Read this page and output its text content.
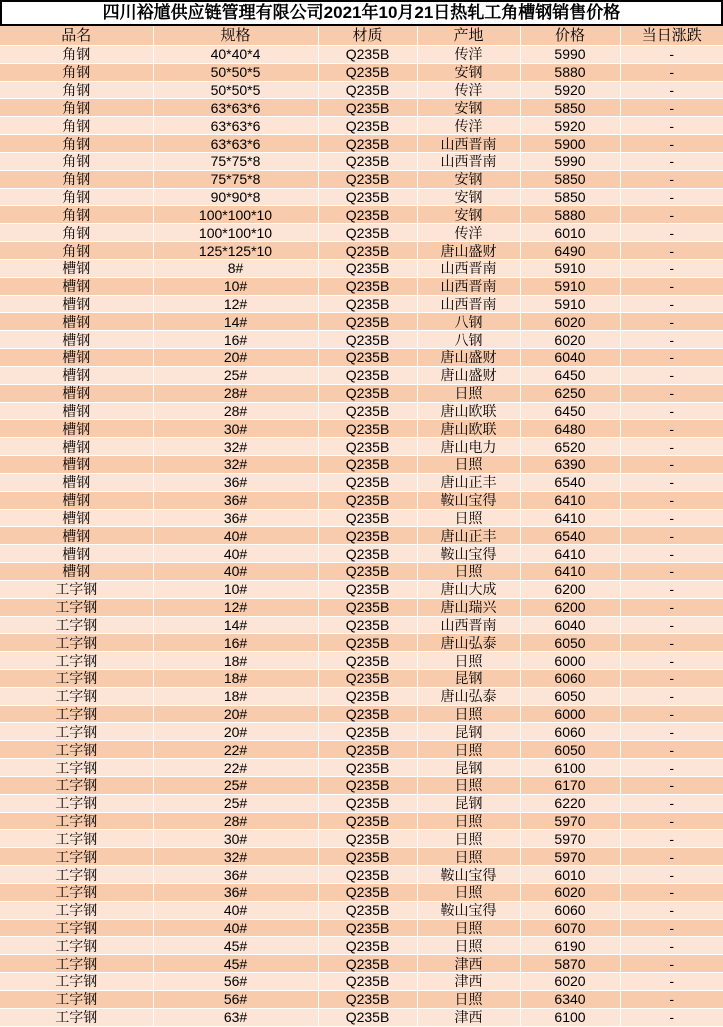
四川裕馗供应链管理有限公司2021年10月21日热轧工角槽钢销售价格
品名	规格	材质	产地	价格	当日涨跌
角钢	40*40*4	Q235B	传洋	5990	-
角钢	50*50*5	Q235B	安钢	5880	-
角钢	50*50*5	Q235B	传洋	5920	-
角钢	63*63*6	Q235B	安钢	5850	-
角钢	63*63*6	Q235B	传洋	5920	-
角钢	63*63*6	Q235B	山西晋南	5900	-
角钢	75*75*8	Q235B	山西晋南	5990	-
角钢	75*75*8	Q235B	安钢	5850	-
角钢	90*90*8	Q235B	安钢	5850	-
角钢	100*100*10	Q235B	安钢	5880	-
角钢	100*100*10	Q235B	传洋	6010	-
角钢	125*125*10	Q235B	唐山盛财	6490	-
槽钢	8#	Q235B	山西晋南	5910	-
槽钢	10#	Q235B	山西晋南	5910	-
槽钢	12#	Q235B	山西晋南	5910	-
槽钢	14#	Q235B	八钢	6020	-
槽钢	16#	Q235B	八钢	6020	-
槽钢	20#	Q235B	唐山盛财	6040	-
槽钢	25#	Q235B	唐山盛财	6450	-
槽钢	28#	Q235B	日照	6250	-
槽钢	28#	Q235B	唐山欧联	6450	-
槽钢	30#	Q235B	唐山欧联	6480	-
槽钢	32#	Q235B	唐山电力	6520	-
槽钢	32#	Q235B	日照	6390	-
槽钢	36#	Q235B	唐山正丰	6540	-
槽钢	36#	Q235B	鞍山宝得	6410	-
槽钢	36#	Q235B	日照	6410	-
槽钢	40#	Q235B	唐山正丰	6540	-
槽钢	40#	Q235B	鞍山宝得	6410	-
槽钢	40#	Q235B	日照	6410	-
工字钢	10#	Q235B	唐山大成	6200	-
工字钢	12#	Q235B	唐山瑞兴	6200	-
工字钢	14#	Q235B	山西晋南	6040	-
工字钢	16#	Q235B	唐山弘泰	6050	-
工字钢	18#	Q235B	日照	6000	-
工字钢	18#	Q235B	昆钢	6060	-
工字钢	18#	Q235B	唐山弘泰	6050	-
工字钢	20#	Q235B	日照	6000	-
工字钢	20#	Q235B	昆钢	6060	-
工字钢	22#	Q235B	日照	6050	-
工字钢	22#	Q235B	昆钢	6100	-
工字钢	25#	Q235B	日照	6170	-
工字钢	25#	Q235B	昆钢	6220	-
工字钢	28#	Q235B	日照	5970	-
工字钢	30#	Q235B	日照	5970	-
工字钢	32#	Q235B	日照	5970	-
工字钢	36#	Q235B	鞍山宝得	6010	-
工字钢	36#	Q235B	日照	6020	-
工字钢	40#	Q235B	鞍山宝得	6060	-
工字钢	40#	Q235B	日照	6070	-
工字钢	45#	Q235B	日照	6190	-
工字钢	45#	Q235B	津西	5870	-
工字钢	56#	Q235B	津西	6020	-
工字钢	56#	Q235B	日照	6340	-
工字钢	63#	Q235B	津西	6100	-
